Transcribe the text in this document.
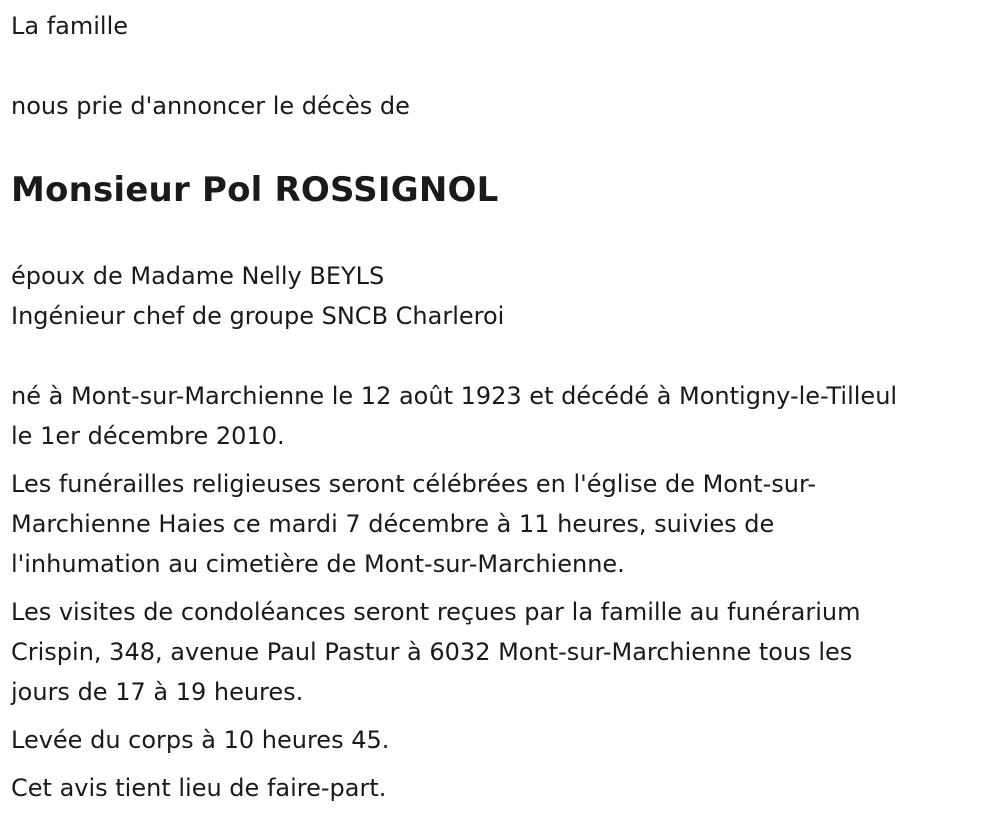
La famille

nous prie d'annoncer le décès de

Monsieur Pol ROSSIGNOL

époux de Madame Nelly BEYLS

Ingénieur chef de groupe SNCB Charleroi

né à Mont-sur-Marchienne le 12 août 1923 et décédé à Montigny-le-Tilleul
le 1er décembre 2010.
Les funérailles religieuses seront célébrées en l'église de Mont-sur-
Marchienne Haies ce mardi 7 décembre à 11 heures, suivies de
l'inhumation au cimetière de Mont-sur-Marchienne.
Les visites de condoléances seront reçues par la famille au funérarium
Crispin, 348, avenue Paul Pastur à 6032 Mont-sur-Marchienne tous les
jours de 17 à 19 heures.
Levée du corps à 10 heures 45.
Cet avis tient lieu de faire-part.
